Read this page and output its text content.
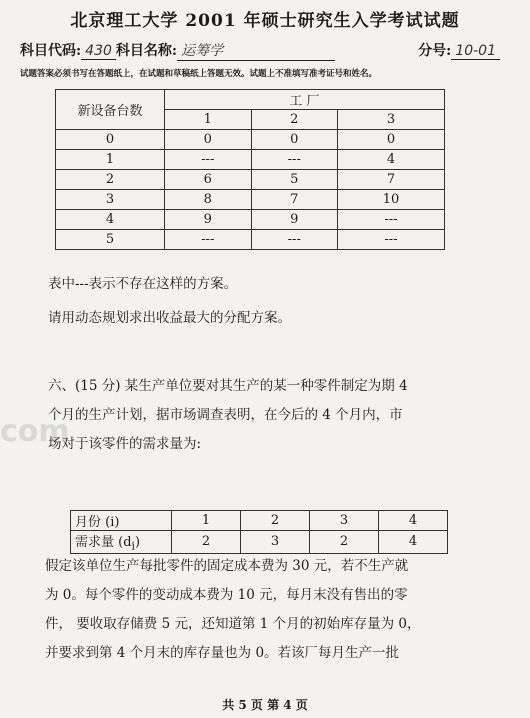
com
北京理工大学 2001 年硕士研究生入学考试试题
科目代码: 430 科目名称: 运筹学	分号: 10-01
试题答案必须书写在答题纸上，在试题和草稿纸上答题无效。试题上不准填写准考证号和姓名。
新设备台数	工 厂		
	1	2	3
0	0	0	0
1	---	---	4
2	6	5	7
3	8	7	10
4	9	9	---
5	---	---	---
表中---表示不存在这样的方案。
请用动态规划求出收益最大的分配方案。
六、(15 分) 某生产单位要对其生产的某一种零件制定为期 4
个月的生产计划，据市场调查表明，在今后的 4 个月内，市
场对于该零件的需求量为:
月份 (i)	1	2	3	4
需求量 $(d_i)$	2	3	2	4
假定该单位生产每批零件的固定成本费为 30 元，若不生产就
为 0。每个零件的变动成本费为 10 元，每月末没有售出的零
件， 要收取存储费 5 元，还知道第 1 个月的初始库存量为 0，
并要求到第 4 个月末的库存量也为 0。若该厂每月生产一批
共 5 页 第 4 页
